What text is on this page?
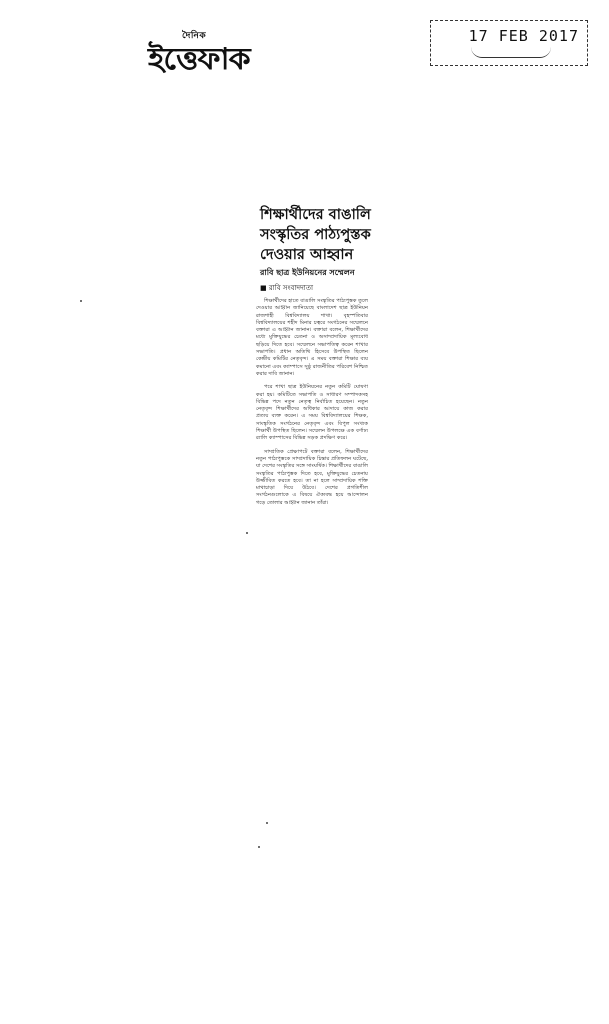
দৈনিক
ইত্তেফাক
17 FEB 2017
শিক্ষার্থীদের বাঙালি
সংস্কৃতির পাঠ্যপুস্তক
দেওয়ার আহ্বান
রাবি ছাত্র ইউনিয়নের সম্মেলন
■ রাবি সংবাদদাতা

শিক্ষার্থীদের হাতে বাঙালি সংস্কৃতির পাঠ্যপুস্তক তুলে দেওয়ার আহ্বান জানিয়েছে বাংলাদেশ ছাত্র ইউনিয়ন রাজশাহী বিশ্ববিদ্যালয় শাখা। বৃহস্পতিবার বিশ্ববিদ্যালয়ের শহীদ মিনার চত্বরে সংগঠনের সম্মেলনে বক্তারা এ আহ্বান জানান। বক্তারা বলেন, শিক্ষার্থীদের মধ্যে মুক্তিযুদ্ধের চেতনা ও অসাম্প্রদায়িক মূল্যবোধ ছড়িয়ে দিতে হবে। সম্মেলনে সভাপতিত্ব করেন শাখার সভাপতি। প্রধান অতিথি হিসেবে উপস্থিত ছিলেন কেন্দ্রীয় কমিটির নেতৃবৃন্দ। এ সময় বক্তারা শিক্ষার ব্যয় কমানো এবং ক্যাম্পাসে সুষ্ঠু রাজনীতির পরিবেশ নিশ্চিত করার দাবি জানান।

পরে শাখা ছাত্র ইউনিয়নের নতুন কমিটি ঘোষণা করা হয়। কমিটিতে সভাপতি ও সাধারণ সম্পাদকসহ বিভিন্ন পদে নতুন নেতৃত্ব নির্বাচিত হয়েছেন। নতুন নেতৃবৃন্দ শিক্ষার্থীদের অধিকার আদায়ে কাজ করার প্রত্যয় ব্যক্ত করেন। এ সময় বিশ্ববিদ্যালয়ের শিক্ষক, সাংস্কৃতিক সংগঠনের নেতৃবৃন্দ এবং বিপুল সংখ্যক শিক্ষার্থী উপস্থিত ছিলেন। সম্মেলন উপলক্ষে এক বর্ণাঢ্য র‌্যালি ক্যাম্পাসের বিভিন্ন সড়ক প্রদক্ষিণ করে।

সাম্প্রতিক প্রেক্ষাপটে বক্তারা বলেন, শিক্ষার্থীদের নতুন পাঠ্যপুস্তকে সাম্প্রদায়িক চিন্তার প্রতিফলন ঘটেছে, যা দেশের সংস্কৃতির সঙ্গে সাংঘর্ষিক। শিক্ষার্থীদের বাঙালি সংস্কৃতির পাঠ্যপুস্তক দিতে হবে, মুক্তিযুদ্ধের চেতনায় উজ্জীবিত করতে হবে। তা না হলে সাম্প্রদায়িক শক্তি মাথাচাড়া দিয়ে উঠবে। দেশের প্রগতিশীল সংগঠনগুলোকে এ বিষয়ে ঐক্যবদ্ধ হয়ে আন্দোলন গড়ে তোলার আহ্বান জানান তাঁরা।
